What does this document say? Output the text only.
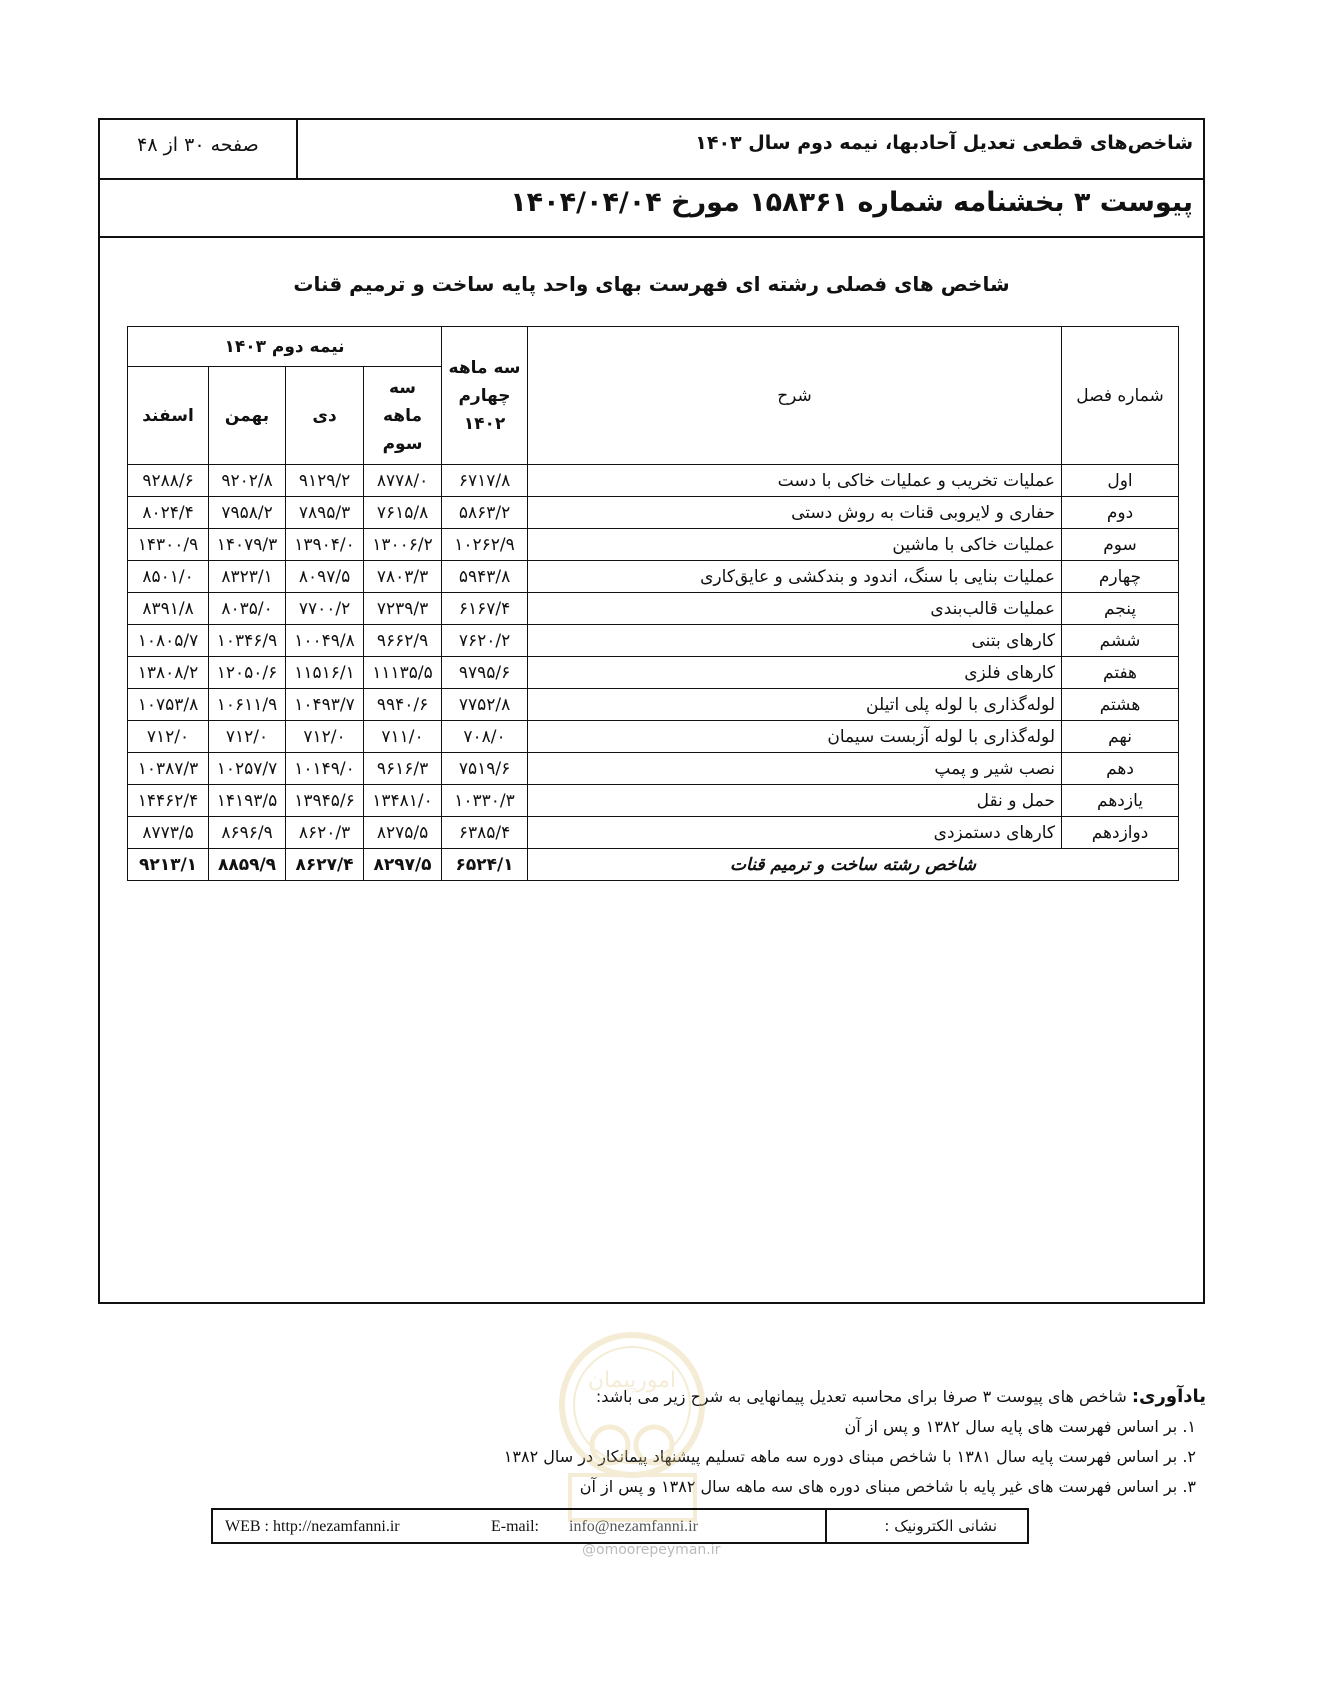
شاخص‌های قطعی تعدیل آحادبها، نیمه دوم سال ۱۴۰۳
صفحه ۳۰ از ۴۸
پیوست ۳ بخشنامه شماره ۱۵۸۳۶۱ مورخ ۱۴۰۴/۰۴/۰۴
شاخص های فصلی رشته ای فهرست بهای واحد پایه ساخت و ترمیم قنات
شماره فصل	شرح	سه ماهه چهارم ۱۴۰۲	نیمه دوم ۱۴۰۳			
			سه ماهه سوم	دی	بهمن	اسفند
اول	عملیات تخریب و عملیات خاکی با دست	۶۷۱۷/۸	۸۷۷۸/۰	۹۱۲۹/۲	۹۲۰۲/۸	۹۲۸۸/۶
دوم	حفاری و لایروبی قنات به روش دستی	۵۸۶۳/۲	۷۶۱۵/۸	۷۸۹۵/۳	۷۹۵۸/۲	۸۰۲۴/۴
سوم	عملیات خاکی با ماشین	۱۰۲۶۲/۹	۱۳۰۰۶/۲	۱۳۹۰۴/۰	۱۴۰۷۹/۳	۱۴۳۰۰/۹
چهارم	عملیات بنایی با سنگ، اندود و بندکشی و عایق‌کاری	۵۹۴۳/۸	۷۸۰۳/۳	۸۰۹۷/۵	۸۳۲۳/۱	۸۵۰۱/۰
پنجم	عملیات قالب‌بندی	۶۱۶۷/۴	۷۲۳۹/۳	۷۷۰۰/۲	۸۰۳۵/۰	۸۳۹۱/۸
ششم	کارهای بتنی	۷۶۲۰/۲	۹۶۶۲/۹	۱۰۰۴۹/۸	۱۰۳۴۶/۹	۱۰۸۰۵/۷
هفتم	کارهای فلزی	۹۷۹۵/۶	۱۱۱۳۵/۵	۱۱۵۱۶/۱	۱۲۰۵۰/۶	۱۳۸۰۸/۲
هشتم	لوله‌گذاری با لوله پلی اتیلن	۷۷۵۲/۸	۹۹۴۰/۶	۱۰۴۹۳/۷	۱۰۶۱۱/۹	۱۰۷۵۳/۸
نهم	لوله‌گذاری با لوله آزبست سیمان	۷۰۸/۰	۷۱۱/۰	۷۱۲/۰	۷۱۲/۰	۷۱۲/۰
دهم	نصب شیر و پمپ	۷۵۱۹/۶	۹۶۱۶/۳	۱۰۱۴۹/۰	۱۰۲۵۷/۷	۱۰۳۸۷/۳
یازدهم	حمل و نقل	۱۰۳۳۰/۳	۱۳۴۸۱/۰	۱۳۹۴۵/۶	۱۴۱۹۳/۵	۱۴۴۶۲/۴
دوازدهم	کارهای دستمزدی	۶۳۸۵/۴	۸۲۷۵/۵	۸۶۲۰/۳	۸۶۹۶/۹	۸۷۷۳/۵
شاخص رشته ساخت و ترمیم قنات		۶۵۲۴/۱	۸۲۹۷/۵	۸۶۲۷/۴	۸۸۵۹/۹	۹۲۱۳/۱
یادآوری: شاخص های پیوست ۳ صرفا برای محاسبه تعدیل پیمانهایی به شرح زیر می باشد:
۱. بر اساس فهرست های پایه سال ۱۳۸۲ و پس از آن
۲. بر اساس فهرست پایه سال ۱۳۸۱ با شاخص مبنای دوره سه ماهه تسلیم پیشنهاد پیمانکار در سال ۱۳۸۲
۳. بر اساس فهرست های غیر پایه با شاخص مبنای دوره های سه ماهه سال ۱۳۸۲ و پس از آن
امورپیمان
@omoorepeyman.ir
WEB : http://nezamfanni.ir	E-mail: info@nezamfanni.ir	نشانی الکترونیک :
